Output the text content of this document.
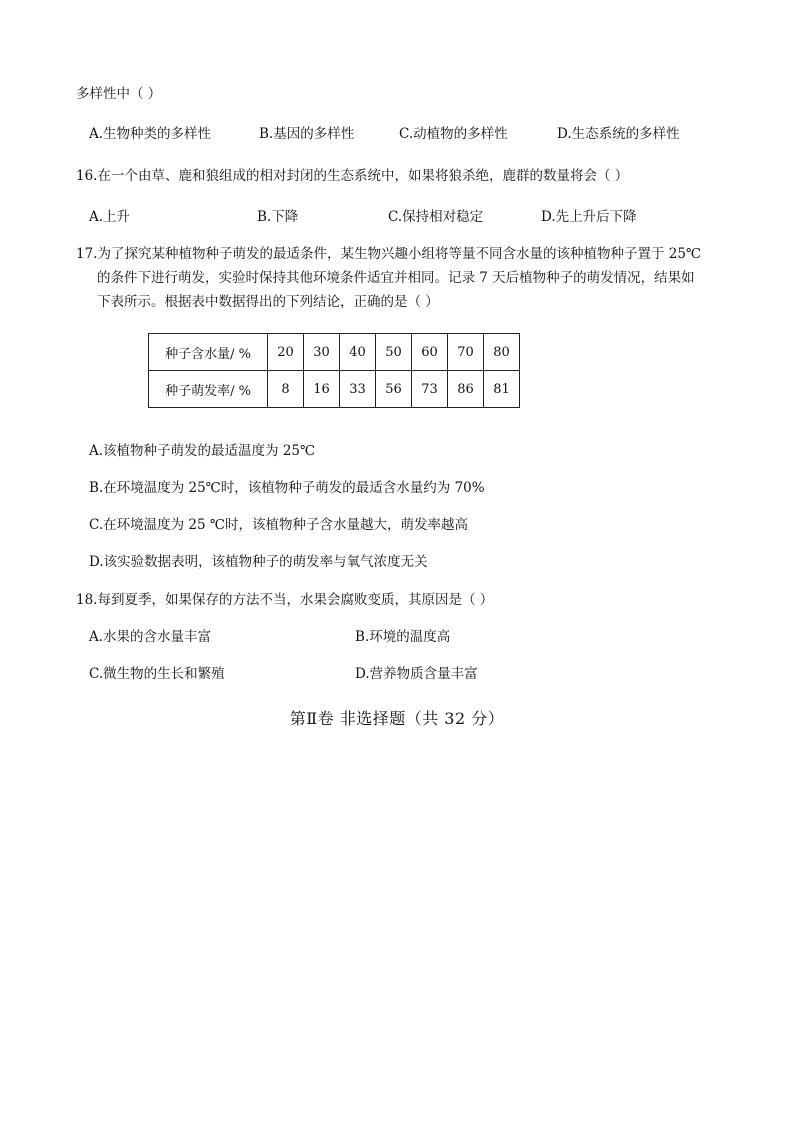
多样性中（ ）
A.生物种类的多样性	B.基因的多样性	C.动植物的多样性	D.生态系统的多样性
16.在一个由草、鹿和狼组成的相对封闭的生态系统中，如果将狼杀绝，鹿群的数量将会（ ）
A.上升	B.下降	C.保持相对稳定	D.先上升后下降
17.为了探究某种植物种子萌发的最适条件，某生物兴趣小组将等量不同含水量的该种植物种子置于 25℃
的条件下进行萌发，实验时保持其他环境条件适宜并相同。记录 7 天后植物种子的萌发情况，结果如
下表所示。根据表中数据得出的下列结论，正确的是（ ）
种子含水量/ %	20	30	40	50	60	70	80
种子萌发率/ %	8	16	33	56	73	86	81
A.该植物种子萌发的最适温度为 25℃
B.在环境温度为 25℃时，该植物种子萌发的最适含水量约为 70%
C.在环境温度为 25 ℃时，该植物种子含水量越大，萌发率越高
D.该实验数据表明，该植物种子的萌发率与氧气浓度无关
18.每到夏季，如果保存的方法不当，水果会腐败变质，其原因是（ ）
A.水果的含水量丰富	B.环境的温度高
C.微生物的生长和繁殖	D.营养物质含量丰富
第Ⅱ卷 非选择题（共 32 分）
